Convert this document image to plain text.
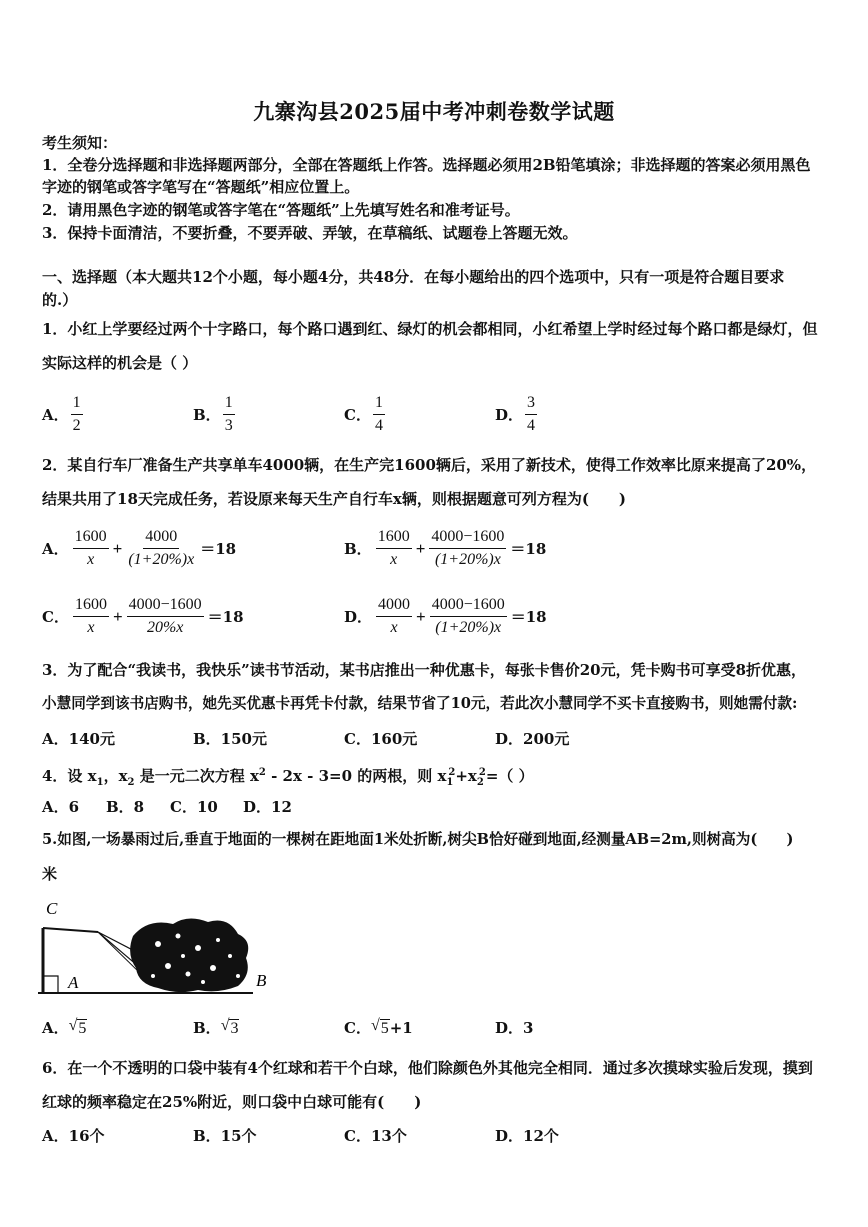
九寨沟县2025届中考冲刺卷数学试题
考生须知：
1．全卷分选择题和非选择题两部分，全部在答题纸上作答。选择题必须用2B铅笔填涂；非选择题的答案必须用黑色
字迹的钢笔或答字笔写在“答题纸”相应位置上。
2．请用黑色字迹的钢笔或答字笔在“答题纸”上先填写姓名和准考证号。
3．保持卡面清洁，不要折叠，不要弄破、弄皱，在草稿纸、试题卷上答题无效。
一、选择题（本大题共12个小题，每小题4分，共48分．在每小题给出的四个选项中，只有一项是符合题目要求
的.）
1．小红上学要经过两个十字路口，每个路口遇到红、绿灯的机会都相同，小红希望上学时经过每个路口都是绿灯，但
实际这样的机会是（ ）
A． $\frac{1}{2}$	B． $\frac{1}{3}$	C． $\frac{1}{4}$	D． $\frac{3}{4}$
2．某自行车厂准备生产共享单车4000辆，在生产完1600辆后，采用了新技术，使得工作效率比原来提高了20%，
结果共用了18天完成任务，若设原来每天生产自行车x辆，则根据题意可列方程为(　　)
A． $\frac{1600}{x} + \frac{4000}{(1+20\%)x} =18$	B． $\frac{1600}{x} + \frac{4000-1600}{(1+20\%)x} =18$
C． $\frac{1600}{x} + \frac{4000-1600}{20\%x} =18$	D． $\frac{4000}{x} + \frac{4000-1600}{(1+20\%)x} =18$
3．为了配合“我读书，我快乐”读书节活动，某书店推出一种优惠卡，每张卡售价20元，凭卡购书可享受8折优惠，
小慧同学到该书店购书，她先买优惠卡再凭卡付款，结果节省了10元，若此次小慧同学不买卡直接购书，则她需付款:
A．140元	B．150元	C．160元	D．200元
4．设 $x_1$，$x_2$ 是一元二次方程 $x^2 - 2x - 3=0$ 的两根，则 $x_1^2+x_2^2=$（ ）
A．6 B．8 C．10 D．12
5.如图,一场暴雨过后,垂直于地面的一棵树在距地面1米处折断,树尖B恰好碰到地面,经测量AB=2m,则树高为(　　)
米
C
A	B
A． √ 5	B． √ 3	C． √ 5 +1	D．3
6．在一个不透明的口袋中装有4个红球和若干个白球，他们除颜色外其他完全相同．通过多次摸球实验后发现，摸到
红球的频率稳定在25%附近，则口袋中白球可能有(　　)
A．16个	B．15个	C．13个	D．12个
